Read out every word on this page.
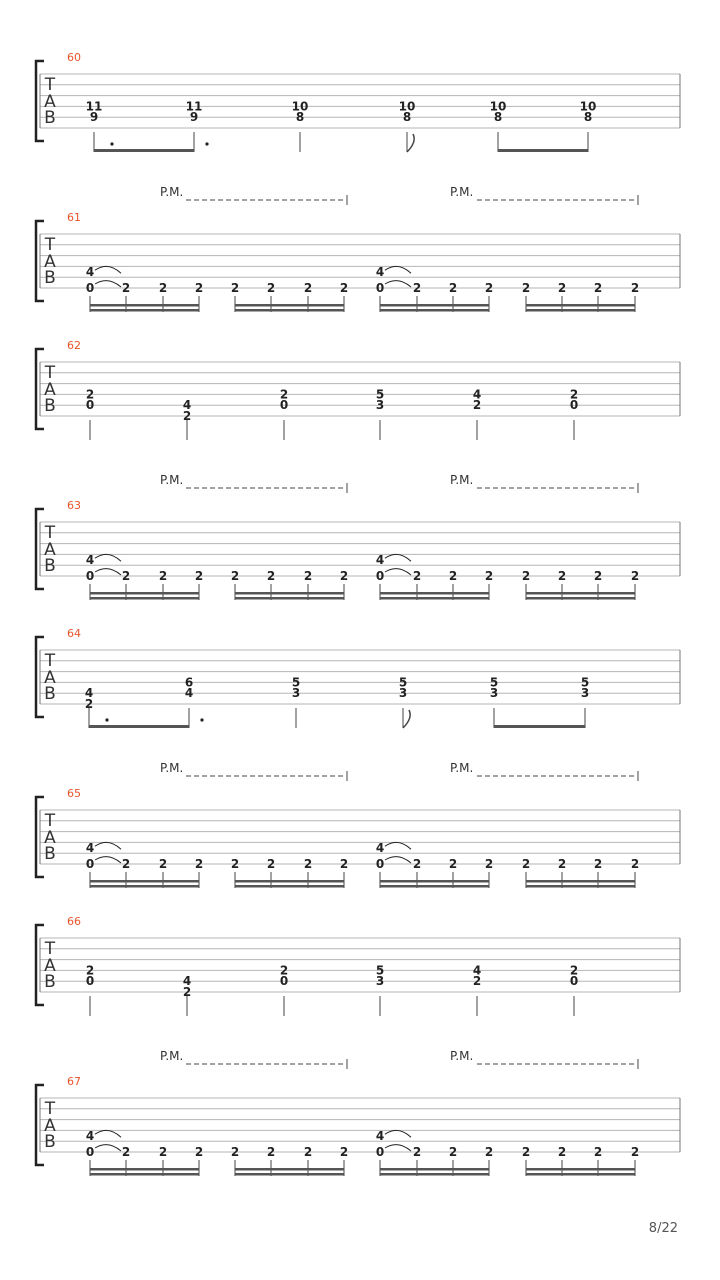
60
T
A
B
11
9
11
9
10
8
10
8
10
8
10
8
61
T
A
B
P.M.	P.M.
4
0 2 2 2 2 2 2 2
4
0 2 2 2 2 2 2 2
62
T
A
B
2
0	4
2
2
0
5
3
4
2
2
0
63
T
A
B
P.M.	P.M.
4
0 2 2 2 2 2 2 2
4
0 2 2 2 2 2 2 2
64
T
A
B 4
2
6
4
5
3
5
3
5
3
5
3
65
T
A
B
P.M.	P.M.
4
0 2 2 2 2 2 2 2
4
0 2 2 2 2 2 2 2
66
T
A
B
2
0	4
2
2
0
5
3
4
2
2
0
67
T
A
B
P.M.	P.M.
4
0 2 2 2 2 2 2 2
4
0 2 2 2 2 2 2 2
8/22
